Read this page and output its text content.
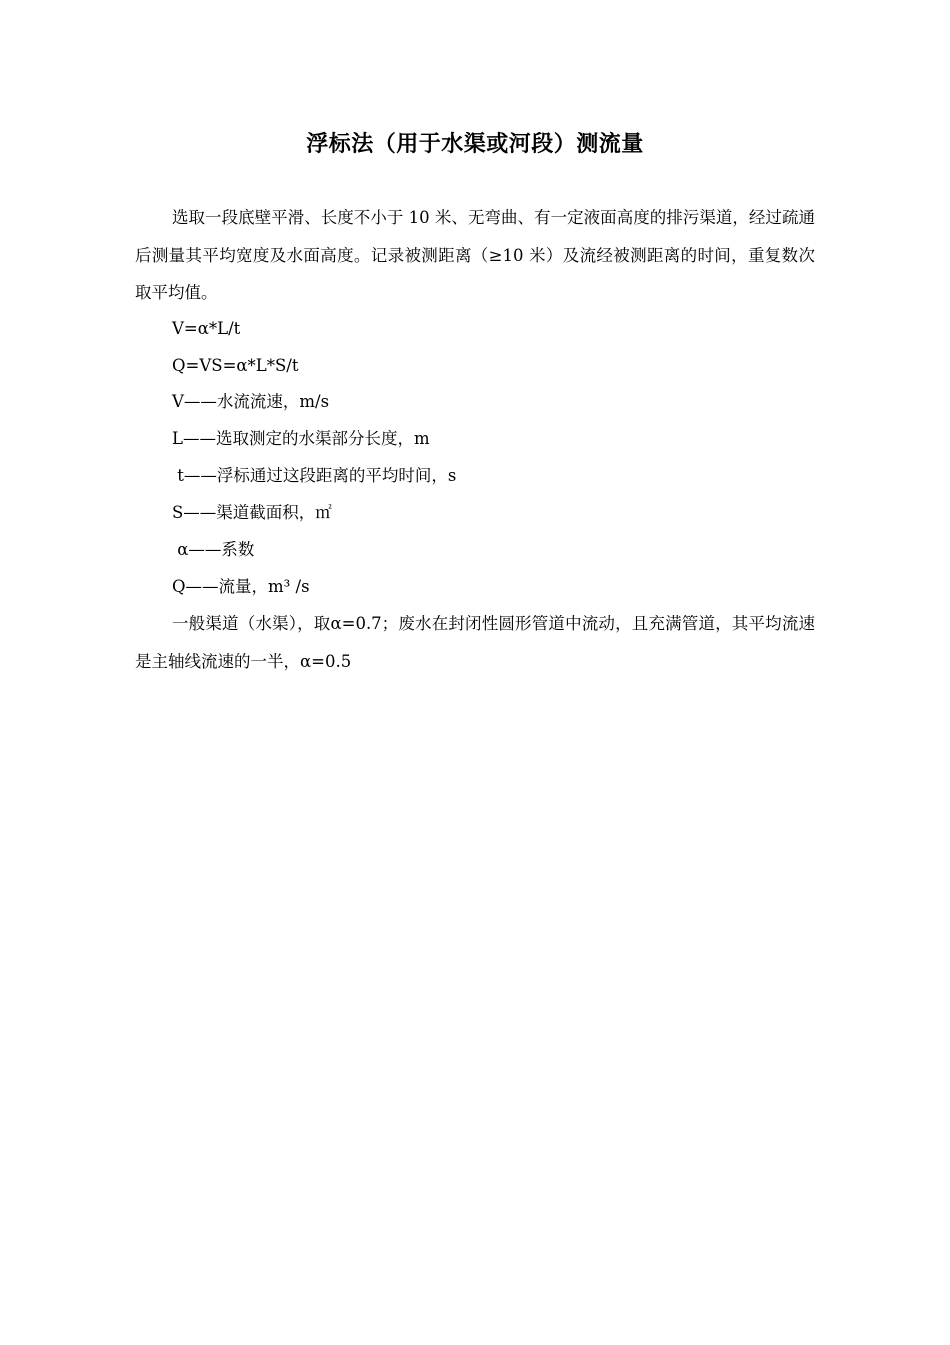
浮标法（用于水渠或河段）测流量
选取一段底壁平滑、长度不小于 10 米、无弯曲、有一定液面高度的排污渠道，经过疏通后测量其平均宽度及水面高度。记录被测距离（≥10 米）及流经被测距离的时间，重复数次取平均值。
V=α*L/t
Q=VS=α*L*S/t
V——水流流速，m/s
L——选取测定的水渠部分长度，m
t——浮标通过这段距离的平均时间，s
S——渠道截面积，㎡
α——系数
Q——流量，m³ /s
一般渠道（水渠），取α=0.7；废水在封闭性圆形管道中流动，且充满管道，其平均流速是主轴线流速的一半，α=0.5
